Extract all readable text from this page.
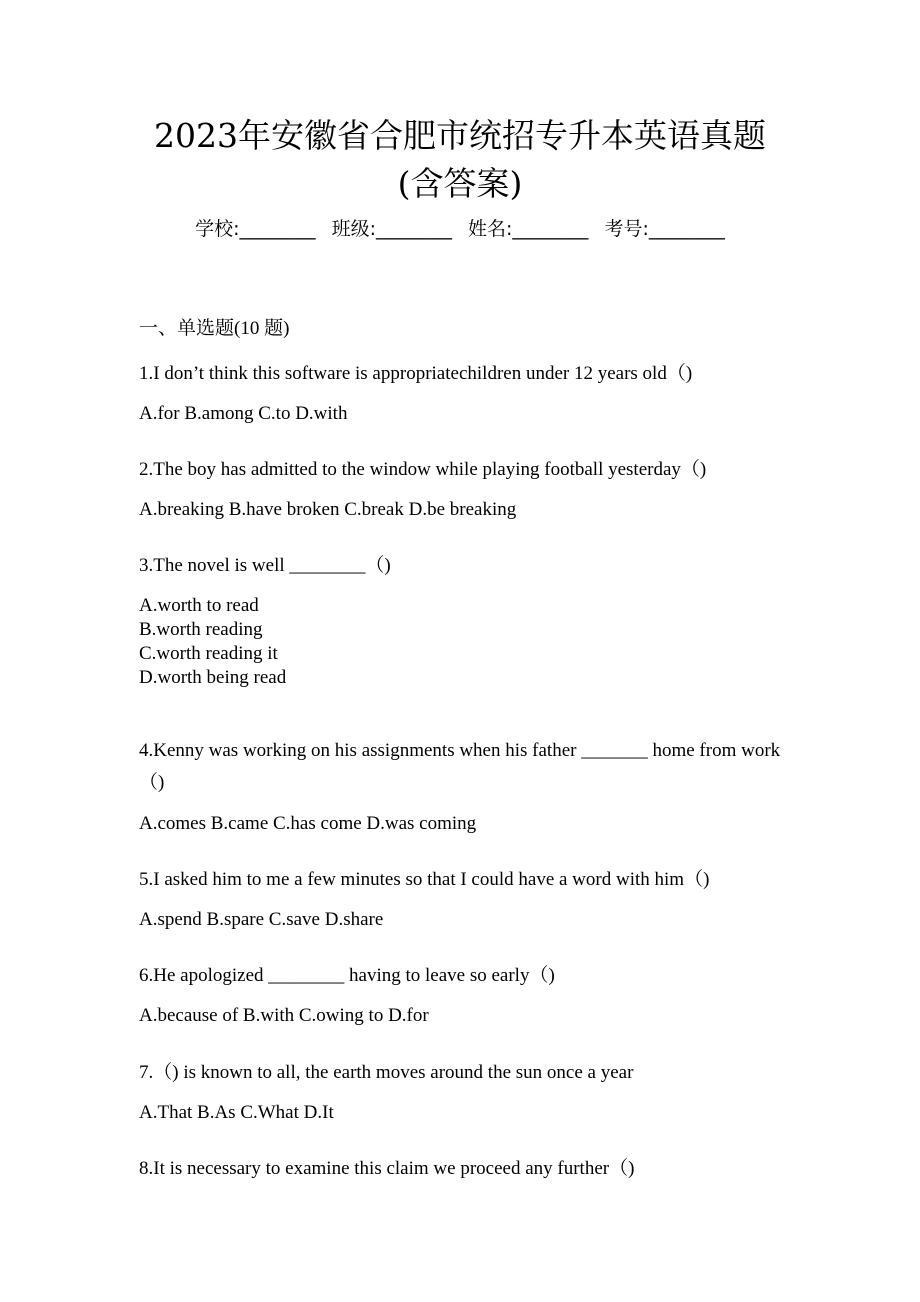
2023年安徽省合肥市统招专升本英语真题
(含答案)
学校:________ 班级:________ 姓名:________ 考号:________
一、单选题(10 题)
1.I don’t think this software is appropriatechildren under 12 years old（)
A.for B.among C.to D.with
2.The boy has admitted to the window while playing football yesterday（)
A.breaking B.have broken C.break D.be breaking
3.The novel is well ________（)
A.worth to read
B.worth reading
C.worth reading it
D.worth being read
4.Kenny was working on his assignments when his father _______ home from work（)
A.comes B.came C.has come D.was coming
5.I asked him to me a few minutes so that I could have a word with him（)
A.spend B.spare C.save D.share
6.He apologized ________ having to leave so early（)
A.because of B.with C.owing to D.for
7.（) is known to all, the earth moves around the sun once a year
A.That B.As C.What D.It
8.It is necessary to examine this claim we proceed any further（)
